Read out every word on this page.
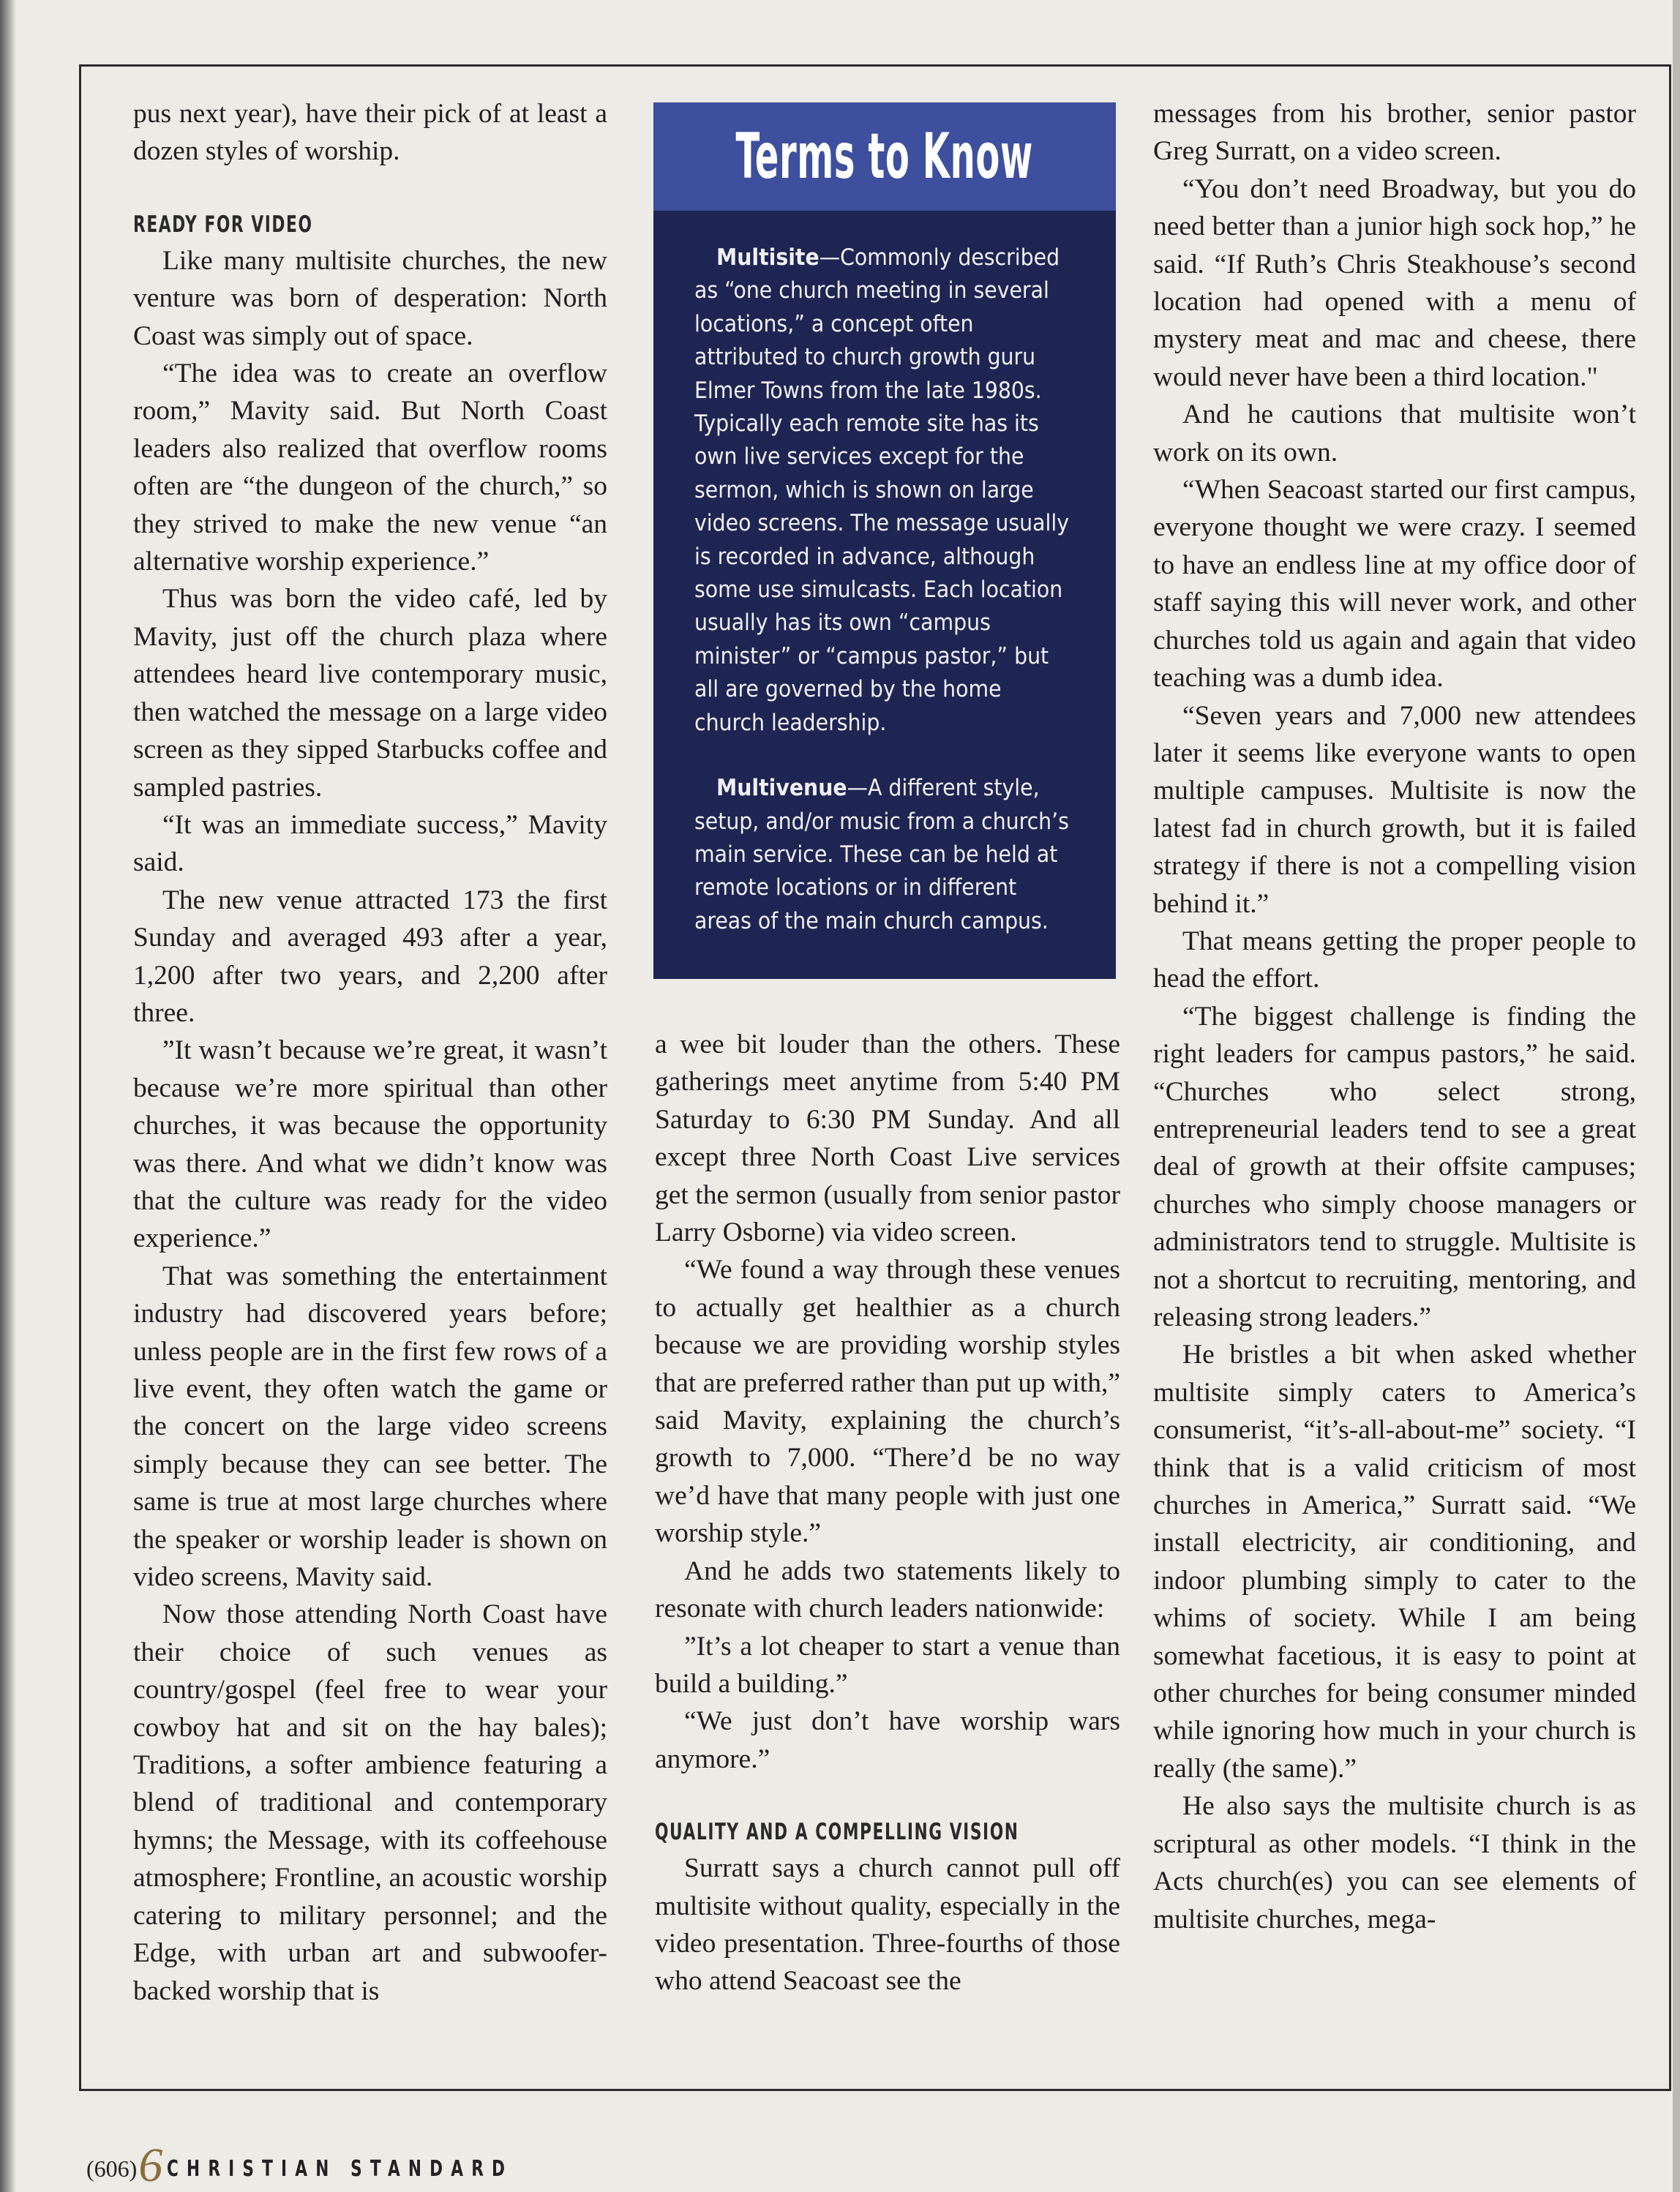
pus next year), have their pick of at least a dozen styles of worship.

READY FOR VIDEO

Like many multisite churches, the new venture was born of desperation: North Coast was simply out of space.

“The idea was to create an overflow room,” Mavity said. But North Coast leaders also realized that overflow rooms often are “the dungeon of the church,” so they strived to make the new venue “an alternative worship experience.”

Thus was born the video café, led by Mavity, just off the church plaza where attendees heard live contemporary music, then watched the message on a large video screen as they sipped Starbucks coffee and sampled pastries.

“It was an immediate success,” Mavity said.

The new venue attracted 173 the first Sunday and averaged 493 after a year, 1,200 after two years, and 2,200 after three.

”It wasn’t because we’re great, it wasn’t because we’re more spiritual than other churches, it was because the opportunity was there. And what we didn’t know was that the culture was ready for the video experience.”

That was something the entertainment industry had discovered years before; unless people are in the first few rows of a live event, they often watch the game or the concert on the large video screens simply because they can see better. The same is true at most large churches where the speaker or worship leader is shown on video screens, Mavity said.

Now those attending North Coast have their choice of such venues as country/gospel (feel free to wear your cowboy hat and sit on the hay bales); Traditions, a softer ambience featuring a blend of traditional and contemporary hymns; the Message, with its coffeehouse atmosphere; Frontline, an acoustic worship catering to military personnel; and the Edge, with urban art and subwoofer-backed worship that is

Terms to Know

Multisite—Commonly described as “one church meeting in several locations,” a concept often attributed to church growth guru Elmer Towns from the late 1980s. Typically each remote site has its own live services except for the sermon, which is shown on large video screens. The message usually is recorded in advance, although some use simulcasts. Each location usually has its own “campus minister” or “campus pastor,” but all are governed by the home church leadership.

Multivenue—A different style, setup, and/or music from a church’s main service. These can be held at remote locations or in different areas of the main church campus.

a wee bit louder than the others. These gatherings meet anytime from 5:40 PM Saturday to 6:30 PM Sunday. And all except three North Coast Live services get the sermon (usually from senior pastor Larry Osborne) via video screen.

“We found a way through these venues to actually get healthier as a church because we are providing worship styles that are preferred rather than put up with,” said Mavity, explaining the church’s growth to 7,000. “There’d be no way we’d have that many people with just one worship style.”

And he adds two statements likely to resonate with church leaders nationwide:

”It’s a lot cheaper to start a venue than build a building.”

“We just don’t have worship wars anymore.”

QUALITY AND A COMPELLING VISION

Surratt says a church cannot pull off multisite without quality, especially in the video presentation. Three-fourths of those who attend Seacoast see the

messages from his brother, senior pastor Greg Surratt, on a video screen.

“You don’t need Broadway, but you do need better than a junior high sock hop,” he said. “If Ruth’s Chris Steakhouse’s second location had opened with a menu of mystery meat and mac and cheese, there would never have been a third location."

And he cautions that multisite won’t work on its own.

“When Seacoast started our first campus, everyone thought we were crazy. I seemed to have an endless line at my office door of staff saying this will never work, and other churches told us again and again that video teaching was a dumb idea.

“Seven years and 7,000 new attendees later it seems like everyone wants to open multiple campuses. Multisite is now the latest fad in church growth, but it is failed strategy if there is not a compelling vision behind it.”

That means getting the proper people to head the effort.

“The biggest challenge is finding the right leaders for campus pastors,” he said. “Churches who select strong, entrepreneurial leaders tend to see a great deal of growth at their offsite campuses; churches who simply choose managers or administrators tend to struggle. Multisite is not a shortcut to recruiting, mentoring, and releasing strong leaders.”

He bristles a bit when asked whether multisite simply caters to America’s consumerist, “it’s-all-about-me” society. “I think that is a valid criticism of most churches in America,” Surratt said. “We install electricity, air conditioning, and indoor plumbing simply to cater to the whims of society. While I am being somewhat facetious, it is easy to point at other churches for being consumer minded while ignoring how much in your church is really (the same).”

He also says the multisite church is as scriptural as other models. “I think in the Acts church(es) you can see elements of multisite churches, mega-

(606) 6 CHRISTIAN STANDARD
